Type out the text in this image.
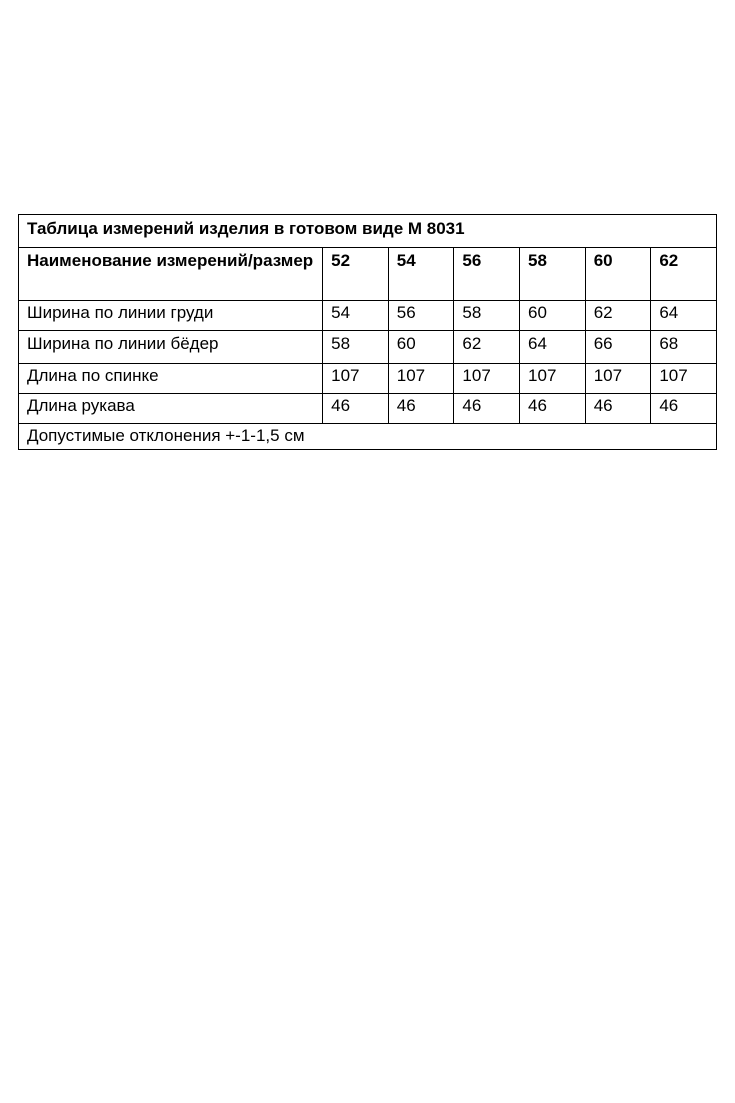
Таблица измерений изделия в готовом виде М 8031						
Наименование измерений/размер	52	54	56	58	60	62
Ширина по линии груди	54	56	58	60	62	64
Ширина по линии бёдер	58	60	62	64	66	68
Длина по спинке	107	107	107	107	107	107
Длина рукава	46	46	46	46	46	46
Допустимые отклонения +-1-1,5 см						
